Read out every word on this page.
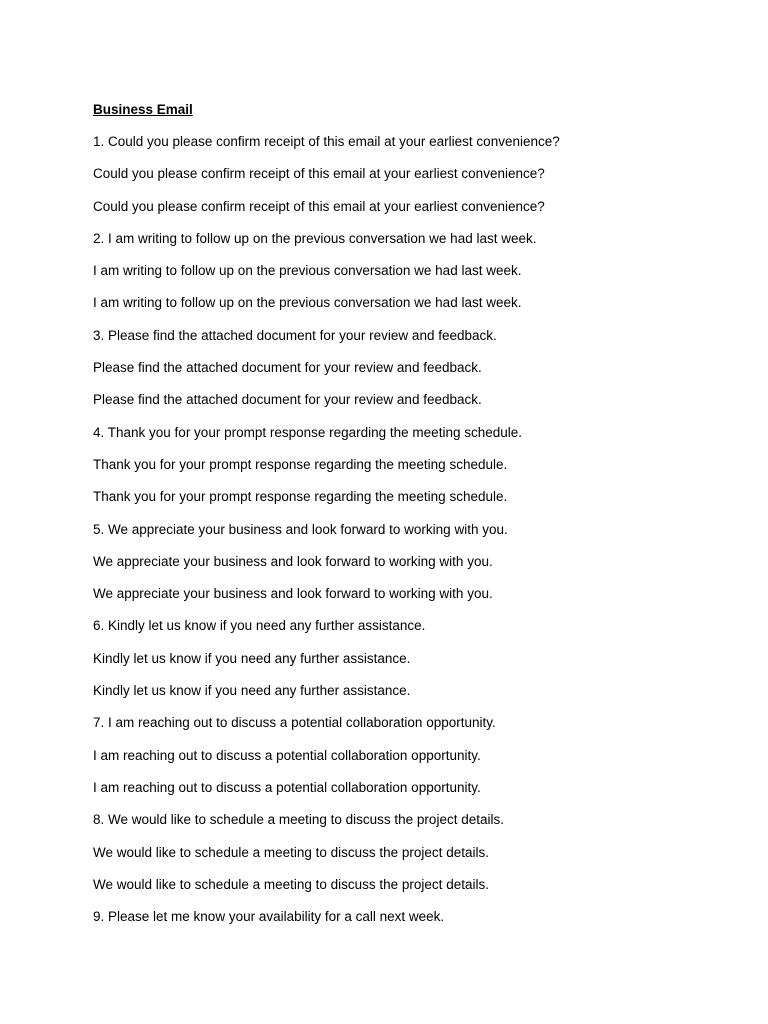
Business Email
1. Could you please confirm receipt of this email at your earliest convenience?
Could you please confirm receipt of this email at your earliest convenience?
Could you please confirm receipt of this email at your earliest convenience?
2. I am writing to follow up on the previous conversation we had last week.
I am writing to follow up on the previous conversation we had last week.
I am writing to follow up on the previous conversation we had last week.
3. Please find the attached document for your review and feedback.
Please find the attached document for your review and feedback.
Please find the attached document for your review and feedback.
4. Thank you for your prompt response regarding the meeting schedule.
Thank you for your prompt response regarding the meeting schedule.
Thank you for your prompt response regarding the meeting schedule.
5. We appreciate your business and look forward to working with you.
We appreciate your business and look forward to working with you.
We appreciate your business and look forward to working with you.
6. Kindly let us know if you need any further assistance.
Kindly let us know if you need any further assistance.
Kindly let us know if you need any further assistance.
7. I am reaching out to discuss a potential collaboration opportunity.
I am reaching out to discuss a potential collaboration opportunity.
I am reaching out to discuss a potential collaboration opportunity.
8. We would like to schedule a meeting to discuss the project details.
We would like to schedule a meeting to discuss the project details.
We would like to schedule a meeting to discuss the project details.
9. Please let me know your availability for a call next week.
